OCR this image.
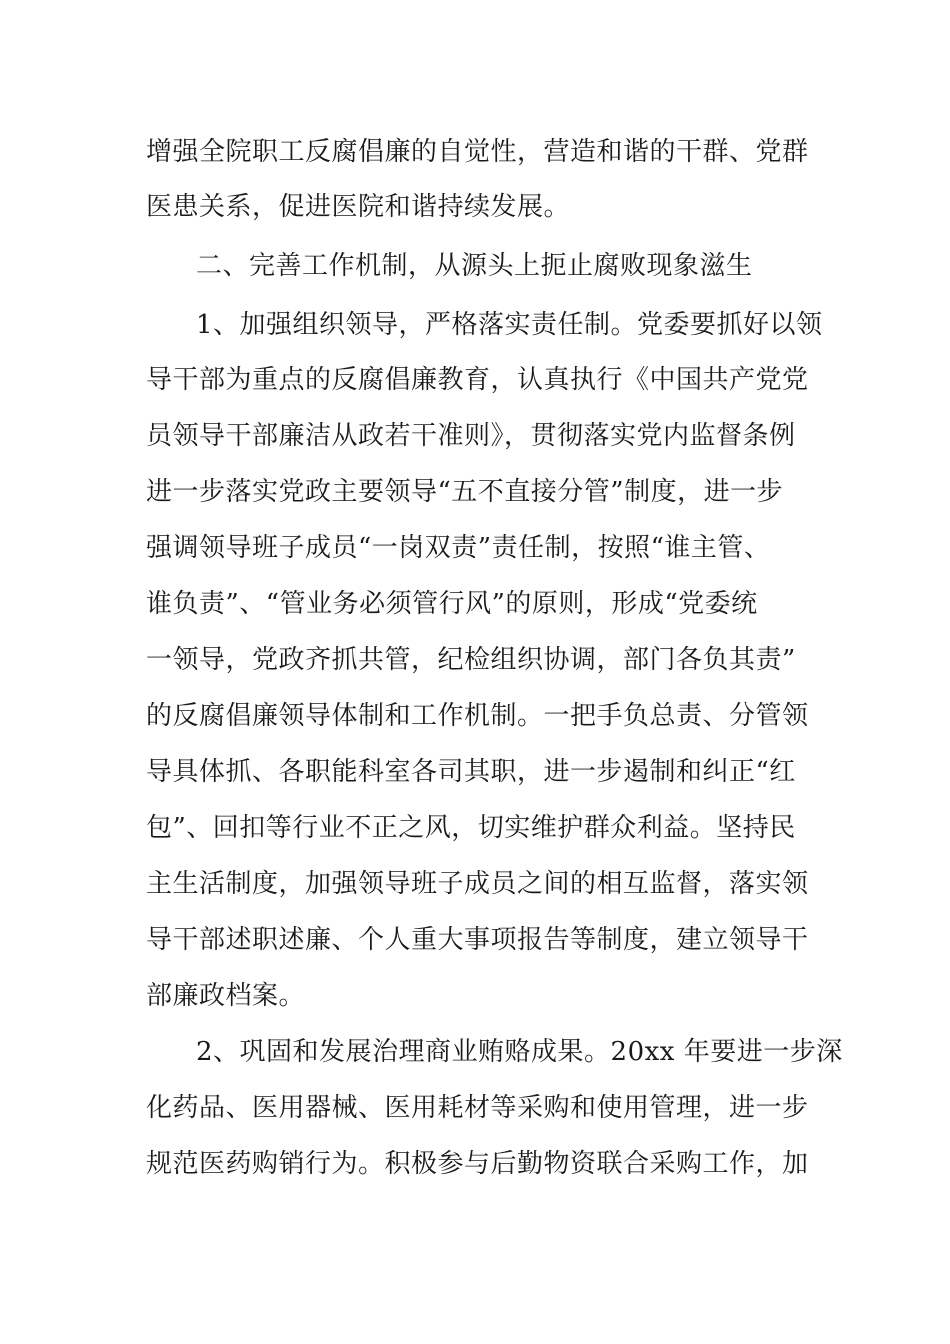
增强全院职工反腐倡廉的自觉性，营造和谐的干群、党群
医患关系，促进医院和谐持续发展。
二、完善工作机制，从源头上扼止腐败现象滋生
1、加强组织领导，严格落实责任制。党委要抓好以领
导干部为重点的反腐倡廉教育，认真执行《中国共产党党
员领导干部廉洁从政若干准则》，贯彻落实党内监督条例
进一步落实党政主要领导“五不直接分管”制度，进一步
强调领导班子成员“一岗双责”责任制，按照“谁主管、
谁负责”、“管业务必须管行风”的原则，形成“党委统
一领导，党政齐抓共管，纪检组织协调，部门各负其责”
的反腐倡廉领导体制和工作机制。一把手负总责、分管领
导具体抓、各职能科室各司其职，进一步遏制和纠正“红
包”、回扣等行业不正之风，切实维护群众利益。坚持民
主生活制度，加强领导班子成员之间的相互监督，落实领
导干部述职述廉、个人重大事项报告等制度，建立领导干
部廉政档案。
2、巩固和发展治理商业贿赂成果。20xx 年要进一步深
化药品、医用器械、医用耗材等采购和使用管理，进一步
规范医药购销行为。积极参与后勤物资联合采购工作，加
